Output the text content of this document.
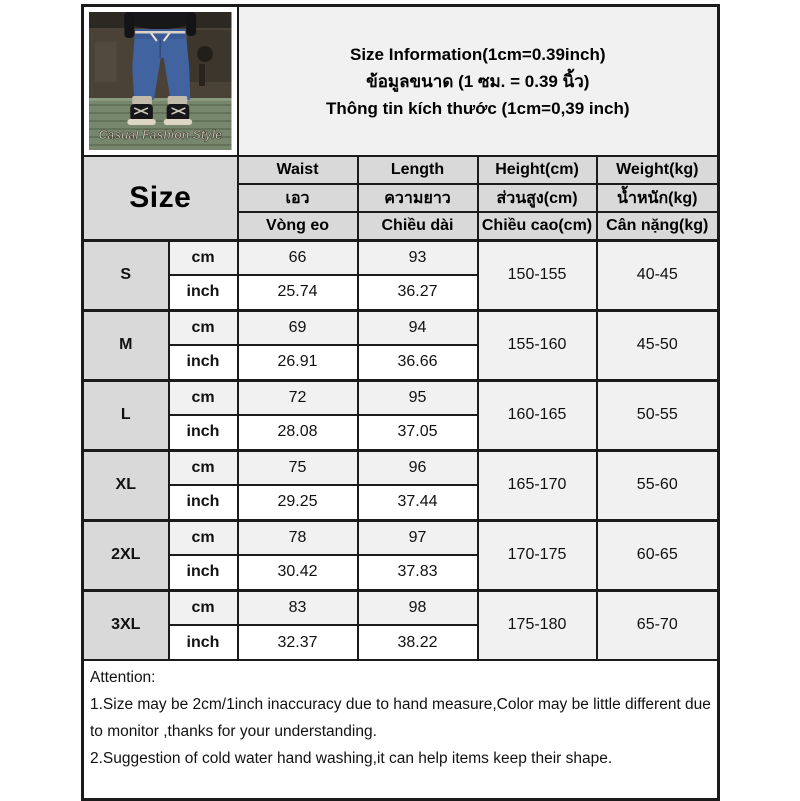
Casual Fashion Style		Size Information(1cm=0.39inch)
ข้อมูลขนาด (1 ซม. = 0.39 นิ้ว)
Thông tin kích thước (1cm=0,39 inch)			

Size		Waist	Length	Height(cm)	Weight(kg)
		เอว	ความยาว	ส่วนสูง(cm)	น้ำหนัก(kg)
		Vòng eo	Chiều dài	Chiều cao(cm)	Cân nặng(kg)
S	cm	66	93	150-155	40-45
	inch	25.74	36.27		
M	cm	69	94	155-160	45-50
	inch	26.91	36.66		
L	cm	72	95	160-165	50-55
	inch	28.08	37.05		
XL	cm	75	96	165-170	55-60
	inch	29.25	37.44		
2XL	cm	78	97	170-175	60-65
	inch	30.42	37.83		
3XL	cm	83	98	175-180	65-70
	inch	32.37	38.22		

Attention:
1.Size may be 2cm/1inch inaccuracy due to hand measure,Color may be little different due to monitor ,thanks for your understanding.
2.Suggestion of cold water hand washing,it can help items keep their shape.					
